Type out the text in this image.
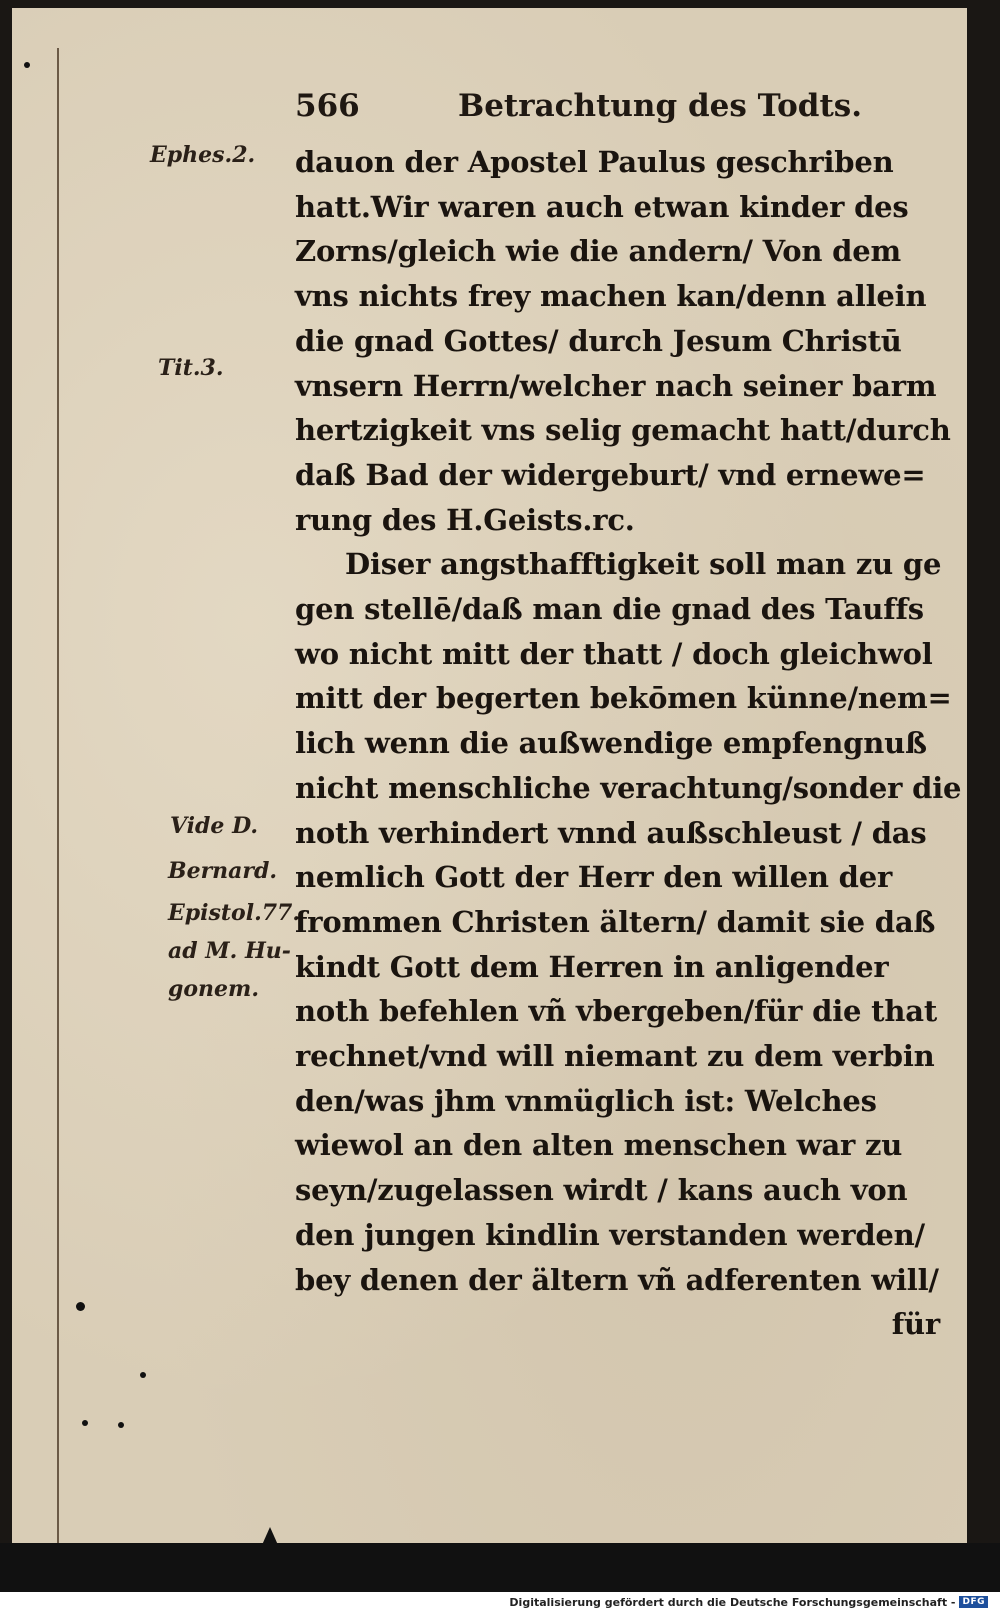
566	Betrachtung des Todts.
Ephes.2.
Tit.3.
Vide D.
Bernard.
Epistol.77.
ad M. Hu-
gonem.
dauon der Apostel Paulus geschriben
hatt.Wir waren auch etwan kinder des
Zorns/gleich wie die andern/ Von dem
vns nichts frey machen kan/denn allein
die gnad Gottes/ durch Jesum Christū
vnsern Herrn/welcher nach seiner barm
hertzigkeit vns selig gemacht hatt/durch
daß Bad der widergeburt/ vnd ernewe=
rung des H.Geists.rc.
Diser angsthafftigkeit soll man zu ge
gen stellē/daß man die gnad des Tauffs
wo nicht mitt der thatt / doch gleichwol
mitt der begerten bekōmen künne/nem=
lich wenn die außwendige empfengnuß
nicht menschliche verachtung/sonder die
noth verhindert vnnd außschleust / das
nemlich Gott der Herr den willen der
frommen Christen ältern/ damit sie daß
kindt Gott dem Herren in anligender
noth befehlen vñ vbergeben/für die that
rechnet/vnd will niemant zu dem verbin
den/was jhm vnmüglich ist: Welches
wiewol an den alten menschen war zu
seyn/zugelassen wirdt / kans auch von
den jungen kindlin verstanden werden/
bey denen der ältern vñ adferenten will/
für
Digitalisierung gefördert durch die Deutsche Forschungsgemeinschaft - DFG
